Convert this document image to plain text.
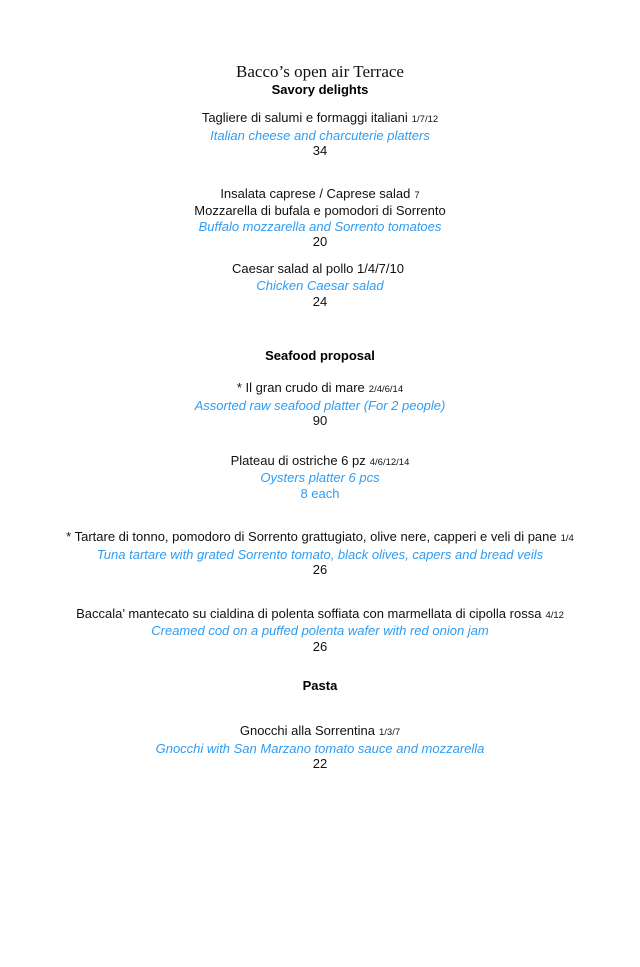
Bacco’s open air Terrace
Savory delights
Tagliere di salumi e formaggi italiani 1/7/12
Italian cheese and charcuterie platters
34
Insalata caprese / Caprese salad 7
Mozzarella di bufala e pomodori di Sorrento
Buffalo mozzarella and Sorrento tomatoes
20
Caesar salad al pollo 1/4/7/10
Chicken Caesar salad
24
Seafood proposal
* Il gran crudo di mare 2/4/6/14
Assorted raw seafood platter (For 2 people)
90
Plateau di ostriche 6 pz 4/6/12/14
Oysters platter 6 pcs
8 each
* Tartare di tonno, pomodoro di Sorrento grattugiato, olive nere, capperi e veli di pane 1/4
Tuna tartare with grated Sorrento tomato, black olives, capers and bread veils
26
Baccala’ mantecato su cialdina di polenta soffiata con marmellata di cipolla rossa 4/12
Creamed cod on a puffed polenta wafer with red onion jam
26
Pasta
Gnocchi alla Sorrentina 1/3/7
Gnocchi with San Marzano tomato sauce and mozzarella
22
